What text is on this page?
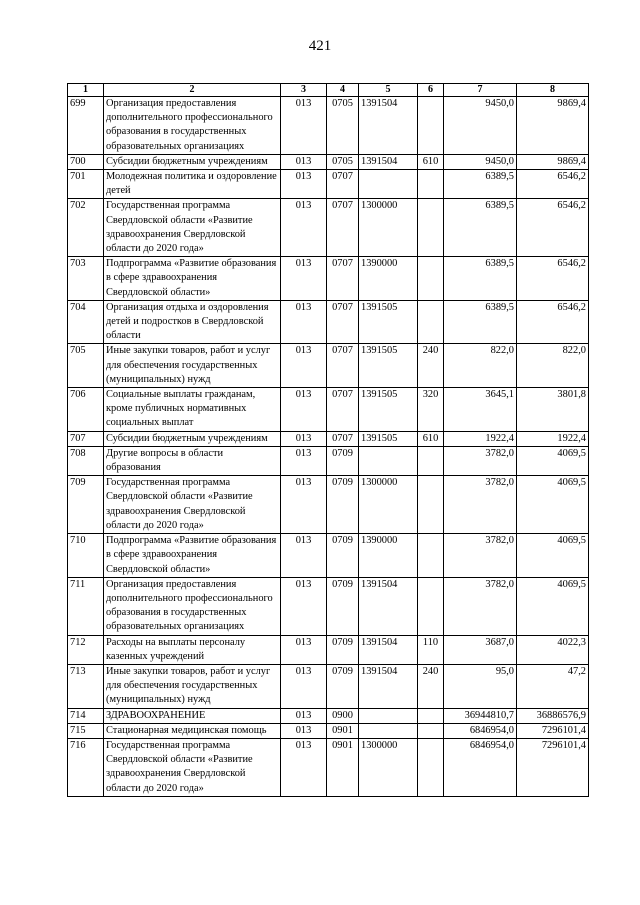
421
1	2	3	4	5	6	7	8
699	Организация предоставления дополнительного профессионального образования в государственных образовательных организациях	013	0705	1391504		9450,0	9869,4
700	Субсидии бюджетным учреждениям	013	0705	1391504	610	9450,0	9869,4
701	Молодежная политика и оздоровление детей	013	0707			6389,5	6546,2
702	Государственная программа Свердловской области «Развитие здравоохранения Свердловской области до 2020 года»	013	0707	1300000		6389,5	6546,2
703	Подпрограмма «Развитие образования в сфере здравоохранения Свердловской области»	013	0707	1390000		6389,5	6546,2
704	Организация отдыха и оздоровления детей и подростков в Свердловской области	013	0707	1391505		6389,5	6546,2
705	Иные закупки товаров, работ и услуг для обеспечения государственных (муниципальных) нужд	013	0707	1391505	240	822,0	822,0
706	Социальные выплаты гражданам, кроме публичных нормативных социальных выплат	013	0707	1391505	320	3645,1	3801,8
707	Субсидии бюджетным учреждениям	013	0707	1391505	610	1922,4	1922,4
708	Другие вопросы в области образования	013	0709			3782,0	4069,5
709	Государственная программа Свердловской области «Развитие здравоохранения Свердловской области до 2020 года»	013	0709	1300000		3782,0	4069,5
710	Подпрограмма «Развитие образования в сфере здравоохранения Свердловской области»	013	0709	1390000		3782,0	4069,5
711	Организация предоставления дополнительного профессионального образования в государственных образовательных организациях	013	0709	1391504		3782,0	4069,5
712	Расходы на выплаты персоналу казенных учреждений	013	0709	1391504	110	3687,0	4022,3
713	Иные закупки товаров, работ и услуг для обеспечения государственных (муниципальных) нужд	013	0709	1391504	240	95,0	47,2
714	ЗДРАВООХРАНЕНИЕ	013	0900			36944810,7	36886576,9
715	Стационарная медицинская помощь	013	0901			6846954,0	7296101,4
716	Государственная программа Свердловской области «Развитие здравоохранения Свердловской области до 2020 года»	013	0901	1300000		6846954,0	7296101,4
